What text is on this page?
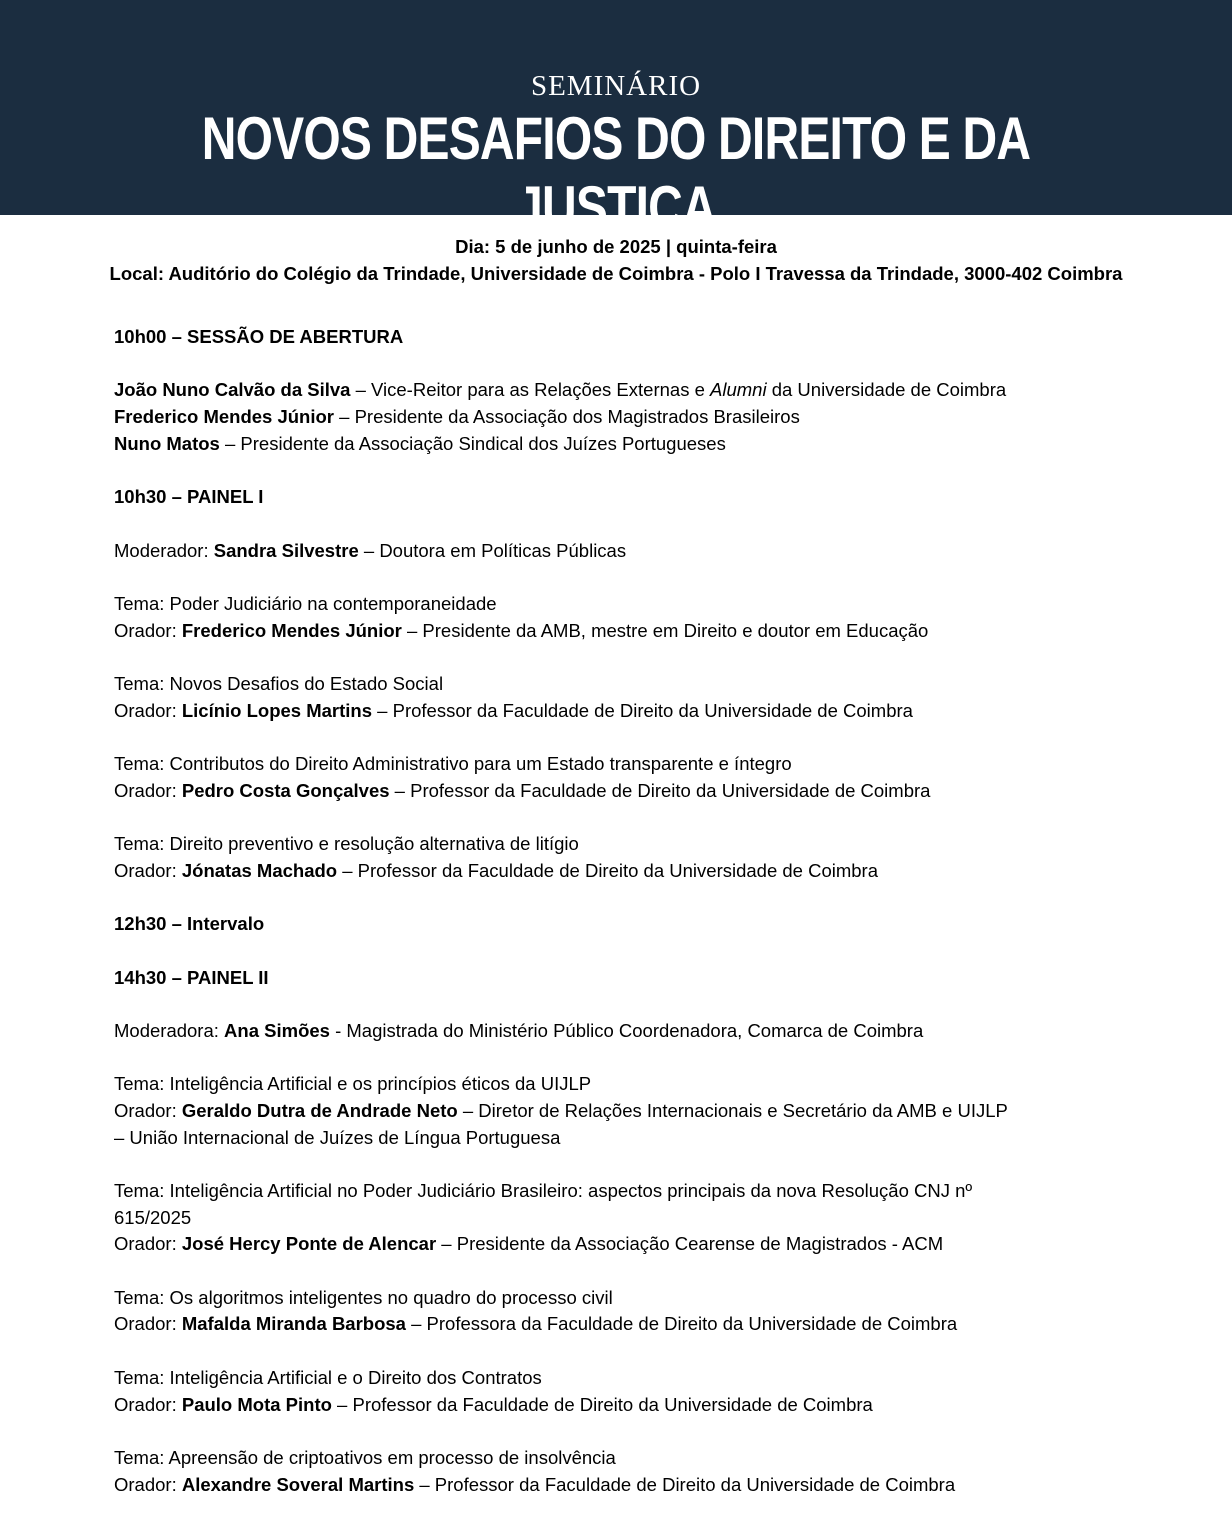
SEMINÁRIO
NOVOS DESAFIOS DO DIREITO E DA JUSTIÇA
Dia: 5 de junho de 2025 | quinta-feira
Local: Auditório do Colégio da Trindade, Universidade de Coimbra - Polo I Travessa da Trindade, 3000-402 Coimbra
10h00 – SESSÃO DE ABERTURA
João Nuno Calvão da Silva – Vice-Reitor para as Relações Externas e Alumni da Universidade de Coimbra
Frederico Mendes Júnior – Presidente da Associação dos Magistrados Brasileiros
Nuno Matos – Presidente da Associação Sindical dos Juízes Portugueses
10h30 – PAINEL I
Moderador: Sandra Silvestre – Doutora em Políticas Públicas
Tema: Poder Judiciário na contemporaneidade
Orador: Frederico Mendes Júnior – Presidente da AMB, mestre em Direito e doutor em Educação
Tema: Novos Desafios do Estado Social
Orador: Licínio Lopes Martins – Professor da Faculdade de Direito da Universidade de Coimbra
Tema: Contributos do Direito Administrativo para um Estado transparente e íntegro
Orador: Pedro Costa Gonçalves – Professor da Faculdade de Direito da Universidade de Coimbra
Tema: Direito preventivo e resolução alternativa de litígio
Orador: Jónatas Machado – Professor da Faculdade de Direito da Universidade de Coimbra
12h30 – Intervalo
14h30 – PAINEL II
Moderadora: Ana Simões - Magistrada do Ministério Público Coordenadora, Comarca de Coimbra
Tema: Inteligência Artificial e os princípios éticos da UIJLP
Orador: Geraldo Dutra de Andrade Neto – Diretor de Relações Internacionais e Secretário da AMB e UIJLP
– União Internacional de Juízes de Língua Portuguesa
Tema: Inteligência Artificial no Poder Judiciário Brasileiro: aspectos principais da nova Resolução CNJ nº
615/2025
Orador: José Hercy Ponte de Alencar – Presidente da Associação Cearense de Magistrados - ACM
Tema: Os algoritmos inteligentes no quadro do processo civil
Orador: Mafalda Miranda Barbosa – Professora da Faculdade de Direito da Universidade de Coimbra
Tema: Inteligência Artificial e o Direito dos Contratos
Orador: Paulo Mota Pinto – Professor da Faculdade de Direito da Universidade de Coimbra
Tema: Apreensão de criptoativos em processo de insolvência
Orador: Alexandre Soveral Martins – Professor da Faculdade de Direito da Universidade de Coimbra
